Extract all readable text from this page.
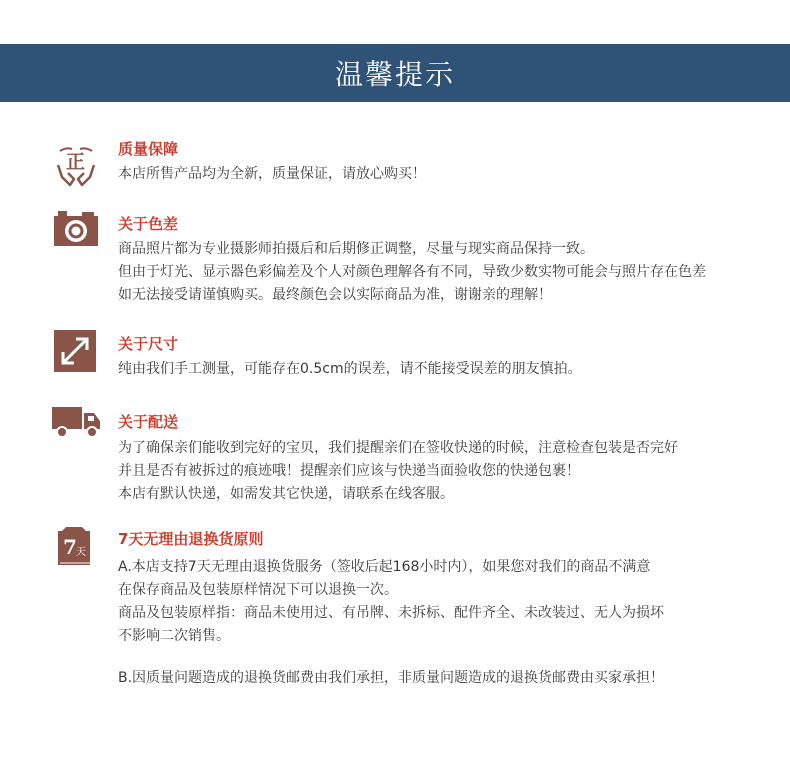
温馨提示
正
质量保障
本店所售产品均为全新，质量保证，请放心购买！
关于色差
商品照片都为专业摄影师拍摄后和后期修正调整，尽量与现实商品保持一致。
但由于灯光、显示器色彩偏差及个人对颜色理解各有不同，导致少数实物可能会与照片存在色差
如无法接受请谨慎购买。最终颜色会以实际商品为准，谢谢亲的理解！
关于尺寸
纯由我们手工测量，可能存在0.5cm的误差，请不能接受误差的朋友慎拍。
关于配送
为了确保亲们能收到完好的宝贝，我们提醒亲们在签收快递的时候，注意检查包装是否完好
并且是否有被拆过的痕迹哦！提醒亲们应该与快递当面验收您的快递包裹！
本店有默认快递，如需发其它快递，请联系在线客服。
7 天
7天无理由退换货原则
A.本店支持7天无理由退换货服务（签收后起168小时内），如果您对我们的商品不满意
在保存商品及包装原样情况下可以退换一次。
商品及包装原样指：商品未使用过、有吊牌、未拆标、配件齐全、未改装过、无人为损坏
不影响二次销售。
B.因质量问题造成的退换货邮费由我们承担，非质量问题造成的退换货邮费由买家承担！
